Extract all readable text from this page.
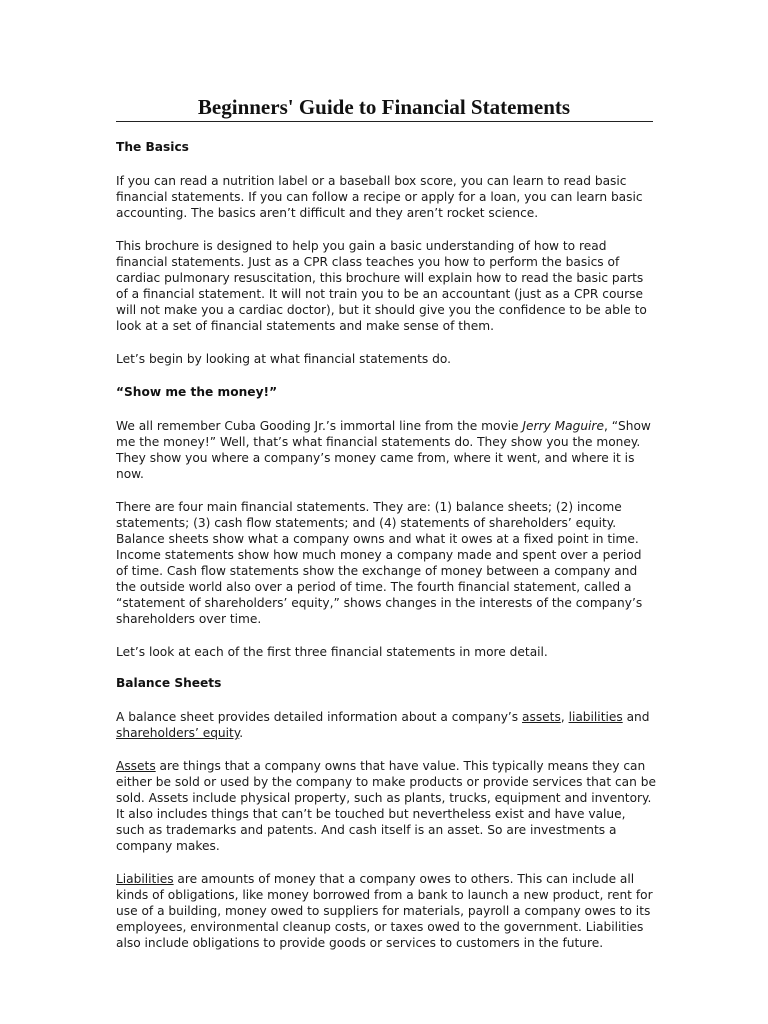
Beginners' Guide to Financial Statements
The Basics

If you can read a nutrition label or a baseball box score, you can learn to read basic financial statements. If you can follow a recipe or apply for a loan, you can learn basic accounting. The basics aren’t difficult and they aren’t rocket science.

This brochure is designed to help you gain a basic understanding of how to read financial statements. Just as a CPR class teaches you how to perform the basics of cardiac pulmonary resuscitation, this brochure will explain how to read the basic parts of a financial statement. It will not train you to be an accountant (just as a CPR course will not make you a cardiac doctor), but it should give you the confidence to be able to look at a set of financial statements and make sense of them.

Let’s begin by looking at what financial statements do.

“Show me the money!”

We all remember Cuba Gooding Jr.’s immortal line from the movie Jerry Maguire, “Show me the money!” Well, that’s what financial statements do. They show you the money. They show you where a company’s money came from, where it went, and where it is now.

There are four main financial statements. They are: (1) balance sheets; (2) income statements; (3) cash flow statements; and (4) statements of shareholders’ equity. Balance sheets show what a company owns and what it owes at a fixed point in time. Income statements show how much money a company made and spent over a period of time. Cash flow statements show the exchange of money between a company and the outside world also over a period of time. The fourth financial statement, called a “statement of shareholders’ equity,” shows changes in the interests of the company’s shareholders over time.

Let’s look at each of the first three financial statements in more detail.

Balance Sheets

A balance sheet provides detailed information about a company’s assets, liabilities and shareholders’ equity.

Assets are things that a company owns that have value. This typically means they can either be sold or used by the company to make products or provide services that can be sold. Assets include physical property, such as plants, trucks, equipment and inventory. It also includes things that can’t be touched but nevertheless exist and have value, such as trademarks and patents. And cash itself is an asset. So are investments a company makes.

Liabilities are amounts of money that a company owes to others. This can include all kinds of obligations, like money borrowed from a bank to launch a new product, rent for use of a building, money owed to suppliers for materials, payroll a company owes to its employees, environmental cleanup costs, or taxes owed to the government. Liabilities also include obligations to provide goods or services to customers in the future.
